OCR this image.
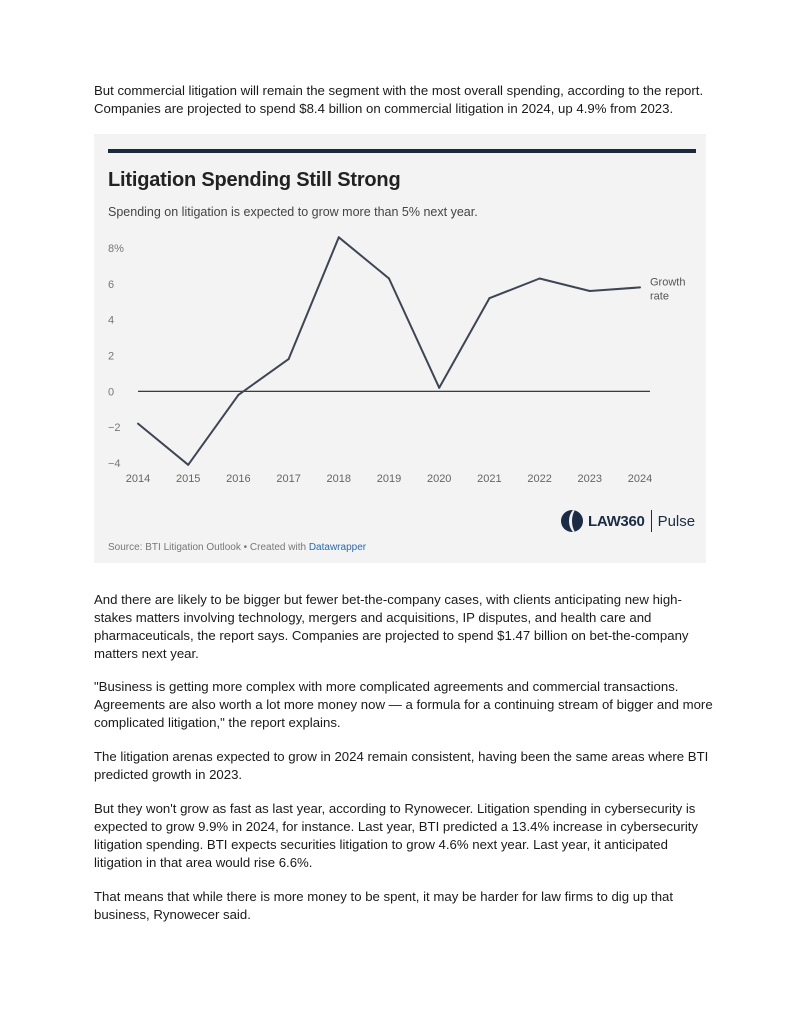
But commercial litigation will remain the segment with the most overall spending, according to the report. Companies are projected to spend $8.4 billion on commercial litigation in 2024, up 4.9% from 2023.

Litigation Spending Still Strong
Spending on litigation is expected to grow more than 5% next year.
8%
6
4
2
0
−2
−4
2014 2015 2016 2017 2018 2019 2020 2021 2022 2023 2024
Growth
rate
LAW360 Pulse
Source: BTI Litigation Outlook • Created with Datawrapper

And there are likely to be bigger but fewer bet-the-company cases, with clients anticipating new high-stakes matters involving technology, mergers and acquisitions, IP disputes, and health care and pharmaceuticals, the report says. Companies are projected to spend $1.47 billion on bet-the-company matters next year.

"Business is getting more complex with more complicated agreements and commercial transactions. Agreements are also worth a lot more money now — a formula for a continuing stream of bigger and more complicated litigation," the report explains.

The litigation arenas expected to grow in 2024 remain consistent, having been the same areas where BTI predicted growth in 2023.

But they won't grow as fast as last year, according to Rynowecer. Litigation spending in cybersecurity is expected to grow 9.9% in 2024, for instance. Last year, BTI predicted a 13.4% increase in cybersecurity litigation spending. BTI expects securities litigation to grow 4.6% next year. Last year, it anticipated litigation in that area would rise 6.6%.

That means that while there is more money to be spent, it may be harder for law firms to dig up that business, Rynowecer said.
